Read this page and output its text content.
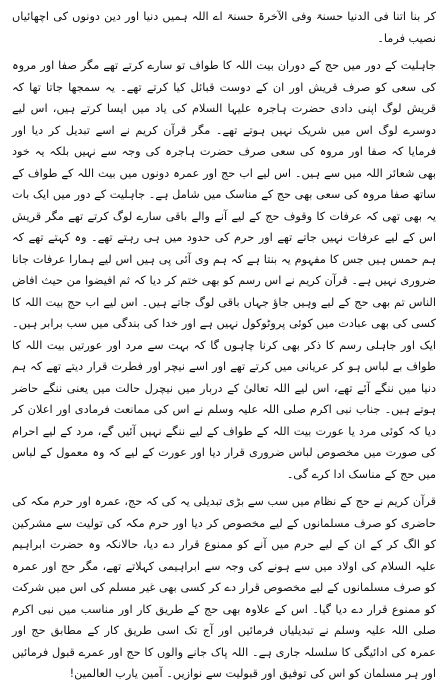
کر بنا اتنا فی الدنیا حسنۃ وفی الآخرۃ حسنۃ اے اللہ ہمیں دنیا اور دین دونوں کی اچھائیاں نصیب فرما۔

جاہلیت کے دور میں حج کے دوران بیت اللہ کا طواف تو سارے کرتے تھے مگر صفا اور مروہ کی سعی کو صرف قریش اور ان کے دوست قبائل کیا کرتے تھے۔ یہ سمجھا جاتا تھا کہ قریش لوگ اپنی دادی حضرت ہاجرہ علیہا السلام کی یاد میں ایسا کرتے ہیں، اس لیے دوسرے لوگ اس میں شریک نہیں ہوتے تھے۔ مگر قرآن کریم نے اسے تبدیل کر دیا اور فرمایا کہ صفا اور مروہ کی سعی صرف حضرت ہاجرہ کی وجہ سے نہیں بلکہ یہ خود بھی شعائر اللہ میں سے ہیں۔ اس لیے اب حج اور عمرہ دونوں میں بیت اللہ کے طواف کے ساتھ صفا مروہ کی سعی بھی حج کے مناسک میں شامل ہے۔ جاہلیت کے دور میں ایک بات یہ بھی تھی کہ عرفات کا وقوف حج کے لیے آنے والے باقی سارے لوگ کرتے تھے مگر قریش اس کے لیے عرفات نہیں جاتے تھے اور حرم کی حدود میں ہی رہتے تھے۔ وہ کہتے تھے کہ ہم حمس ہیں جس کا مفہوم یہ بنتا ہے کہ ہم وی آئی پی ہیں اس لیے ہمارا عرفات جانا ضروری نہیں ہے۔ قرآن کریم نے اس رسم کو بھی ختم کر دیا کہ ثم افیضوا من حیث افاض الناس تم بھی حج کے لیے وہیں جاؤ جہاں باقی لوگ جاتے ہیں۔ اس لیے اب حج بیت اللہ کا کسی کی بھی عبادت میں کوئی پروٹوکول نہیں ہے اور خدا کی بندگی میں سب برابر ہیں۔ ایک اور جاہلی رسم کا ذکر بھی کرنا چاہوں گا کہ بہت سے مرد اور عورتیں بیت اللہ کا طواف بے لباس ہو کر عریانی میں کرتے تھے اور اسے نیچر اور فطرت قرار دیتے تھے کہ ہم دنیا میں ننگے آئے تھے، اس لیے اللہ تعالیٰ کے دربار میں نیچرل حالت میں یعنی ننگے حاضر ہوتے ہیں۔ جناب نبی اکرم صلی اللہ علیہ وسلم نے اس کی ممانعت فرمادی اور اعلان کر دیا کہ کوئی مرد یا عورت بیت اللہ کے طواف کے لیے ننگے نہیں آئیں گے، مرد کے لیے احرام کی صورت میں مخصوص لباس ضروری قرار دیا اور عورت کے لیے کہ وہ معمول کے لباس میں حج کے مناسک ادا کرے گی۔

قرآن کریم نے حج کے نظام میں سب سے بڑی تبدیلی یہ کی کہ حج، عمرہ اور حرم مکہ کی حاضری کو صرف مسلمانوں کے لیے مخصوص کر دیا اور حرم مکہ کی تولیت سے مشرکین کو الگ کر کے ان کے لیے حرم میں آنے کو ممنوع قرار دے دیا، حالانکہ وہ حضرت ابراہیم علیہ السلام کی اولاد میں سے ہونے کی وجہ سے ابراہیمی کہلاتے تھے، مگر حج اور عمرہ کو صرف مسلمانوں کے لیے مخصوص قرار دے کر کسی بھی غیر مسلم کی اس میں شرکت کو ممنوع قرار دے دیا گیا۔ اس کے علاوہ بھی حج کے طریق کار اور مناسب میں نبی اکرم صلی اللہ علیہ وسلم نے تبدیلیاں فرمائیں اور آج تک اسی طریق کار کے مطابق حج اور عمرہ کی ادائیگی کا سلسلہ جاری ہے۔ اللہ پاک جانے والوں کا حج اور عمرے قبول فرمائیں اور ہر مسلمان کو اس کی توفیق اور قبولیت سے نوازیں۔ آمین یارب العالمین!
